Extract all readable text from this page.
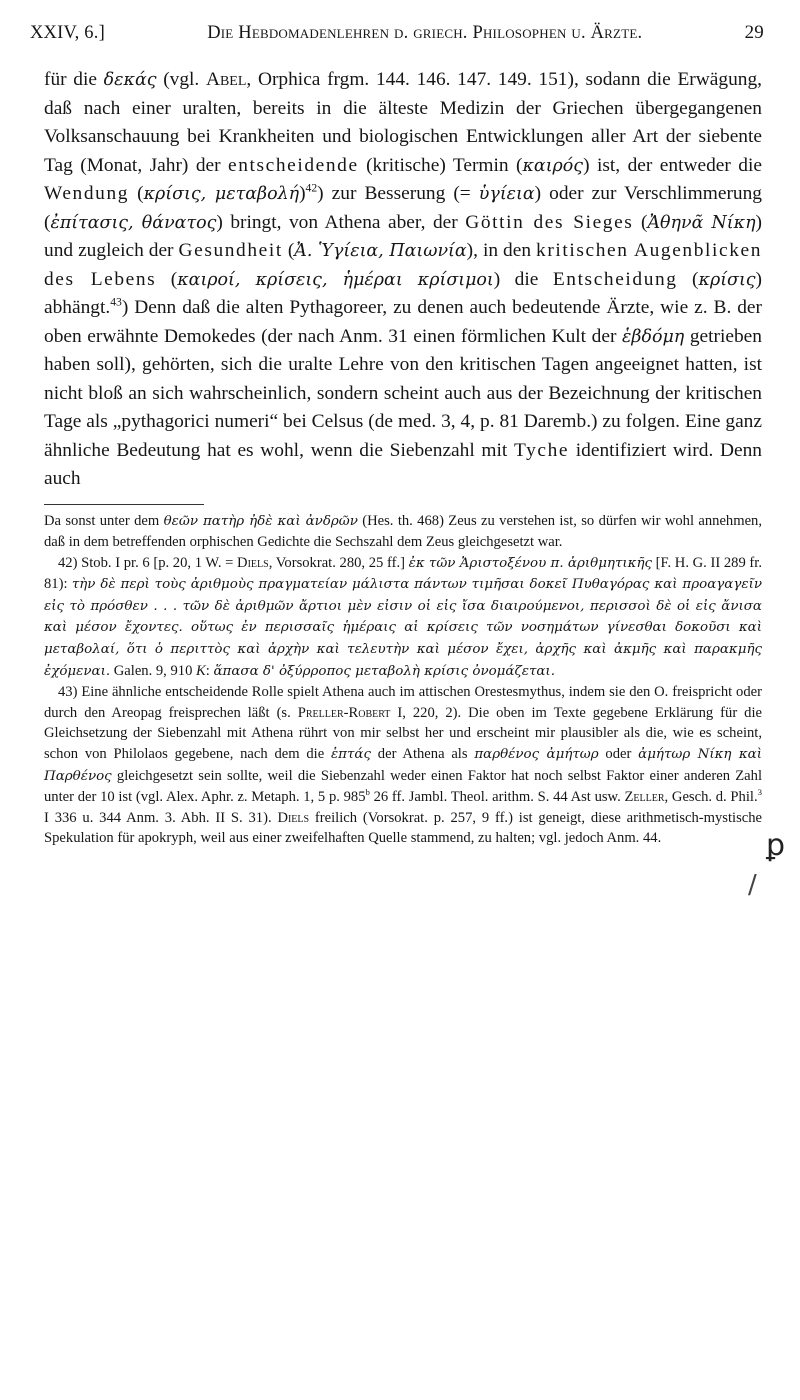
XXIV, 6.]	Die Hebdomadenlehren d. griech. Philosophen u. Ärzte.	29

für die δεκάς (vgl. Abel, Orphica frgm. 144. 146. 147. 149. 151), sodann die Erwägung, daß nach einer uralten, bereits in die älteste Medizin der Griechen übergegangenen Volksanschauung bei Krankheiten und biologischen Entwicklungen aller Art der siebente Tag (Monat, Jahr) der entscheidende (kritische) Termin (καιρός) ist, der entweder die Wendung (κρίσις, μεταβολή)$^{42}$) zur Besserung (= ὑγίεια) oder zur Verschlimmerung (ἐπίτασις, θάνατος) bringt, von Athena aber, der Göttin des Sieges (Ἀθηνᾶ Νίκη) und zugleich der Gesundheit (Ἀ. Ὑγίεια, Παιωνία), in den kritischen Augenblicken des Lebens (καιροί, κρίσεις, ἡμέραι κρίσιμοι) die Entscheidung (κρίσις) abhängt.$^{43}$) Denn daß die alten Pythagoreer, zu denen auch bedeutende Ärzte, wie z. B. der oben erwähnte Demokedes (der nach Anm. 31 einen förmlichen Kult der ἑβδόμη getrieben haben soll), gehörten, sich die uralte Lehre von den kritischen Tagen angeeignet hatten, ist nicht bloß an sich wahrscheinlich, sondern scheint auch aus der Bezeichnung der kritischen Tage als „pythagorici numeri“ bei Celsus (de med. 3, 4, p. 81 Daremb.) zu folgen. Eine ganz ähnliche Bedeutung hat es wohl, wenn die Siebenzahl mit Tyche identifiziert wird. Denn auch

Da sonst unter dem θεῶν πατὴρ ἠδὲ καὶ ἀνδρῶν (Hes. th. 468) Zeus zu verstehen ist, so dürfen wir wohl annehmen, daß in dem betreffenden orphischen Gedichte die Sechszahl dem Zeus gleichgesetzt war.

42) Stob. I pr. 6 [p. 20, 1 W. = Diels, Vorsokrat. 280, 25 ff.] ἐκ τῶν Ἀριστοξένου π. ἀριθμητικῆς [F. H. G. II 289 fr. 81): τὴν δὲ περὶ τοὺς ἀριθμοὺς πραγματείαν μάλιστα πάντων τιμῆσαι δοκεῖ Πυθαγόρας καὶ προαγαγεῖν εἰς τὸ πρόσθεν . . . τῶν δὲ ἀριθμῶν ἄρτιοι μὲν εἰσιν οἱ εἰς ἴσα διαιρούμενοι, περισσοὶ δὲ οἱ εἰς ἄνισα καὶ μέσον ἔχοντες. οὕτως ἐν περισσαῖς ἡμέραις αἱ κρίσεις τῶν νοσημάτων γίνεσθαι δοκοῦσι καὶ μεταβολαί, ὅτι ὁ περιττὸς καὶ ἀρχὴν καὶ τελευτὴν καὶ μέσον ἔχει, ἀρχῆς καὶ ἀκμῆς καὶ παρακμῆς ἐχόμεναι. Galen. 9, 910 K: ἅπασα δ' ὀξύρροπος μεταβολὴ κρίσις ὀνομάζεται.

43) Eine ähnliche entscheidende Rolle spielt Athena auch im attischen Orestesmythus, indem sie den O. freispricht oder durch den Areopag freisprechen läßt (s. Preller-Robert I, 220, 2). Die oben im Texte gegebene Erklärung für die Gleichsetzung der Siebenzahl mit Athena rührt von mir selbst her und erscheint mir plausibler als die, wie es scheint, schon von Philolaos gegebene, nach dem die ἑπτάς der Athena als παρθένος ἀμήτωρ oder ἀμήτωρ Νίκη καὶ Παρθένος gleichgesetzt sein sollte, weil die Siebenzahl weder einen Faktor hat noch selbst Faktor einer anderen Zahl unter der 10 ist (vgl. Alex. Aphr. z. Metaph. 1, 5 p. 985$^b$ 26 ff. Jambl. Theol. arithm. S. 44 Ast usw. Zeller, Gesch. d. Phil.$^3$ I 336 u. 344 Anm. 3. Abh. II S. 31). Diels freilich (Vorsokrat. p. 257, 9 ff.) ist geneigt, diese arithmetisch-mystische Spekulation für apokryph, weil aus einer zweifelhaften Quelle stammend, zu halten; vgl. jedoch Anm. 44.	ꝑ
/
